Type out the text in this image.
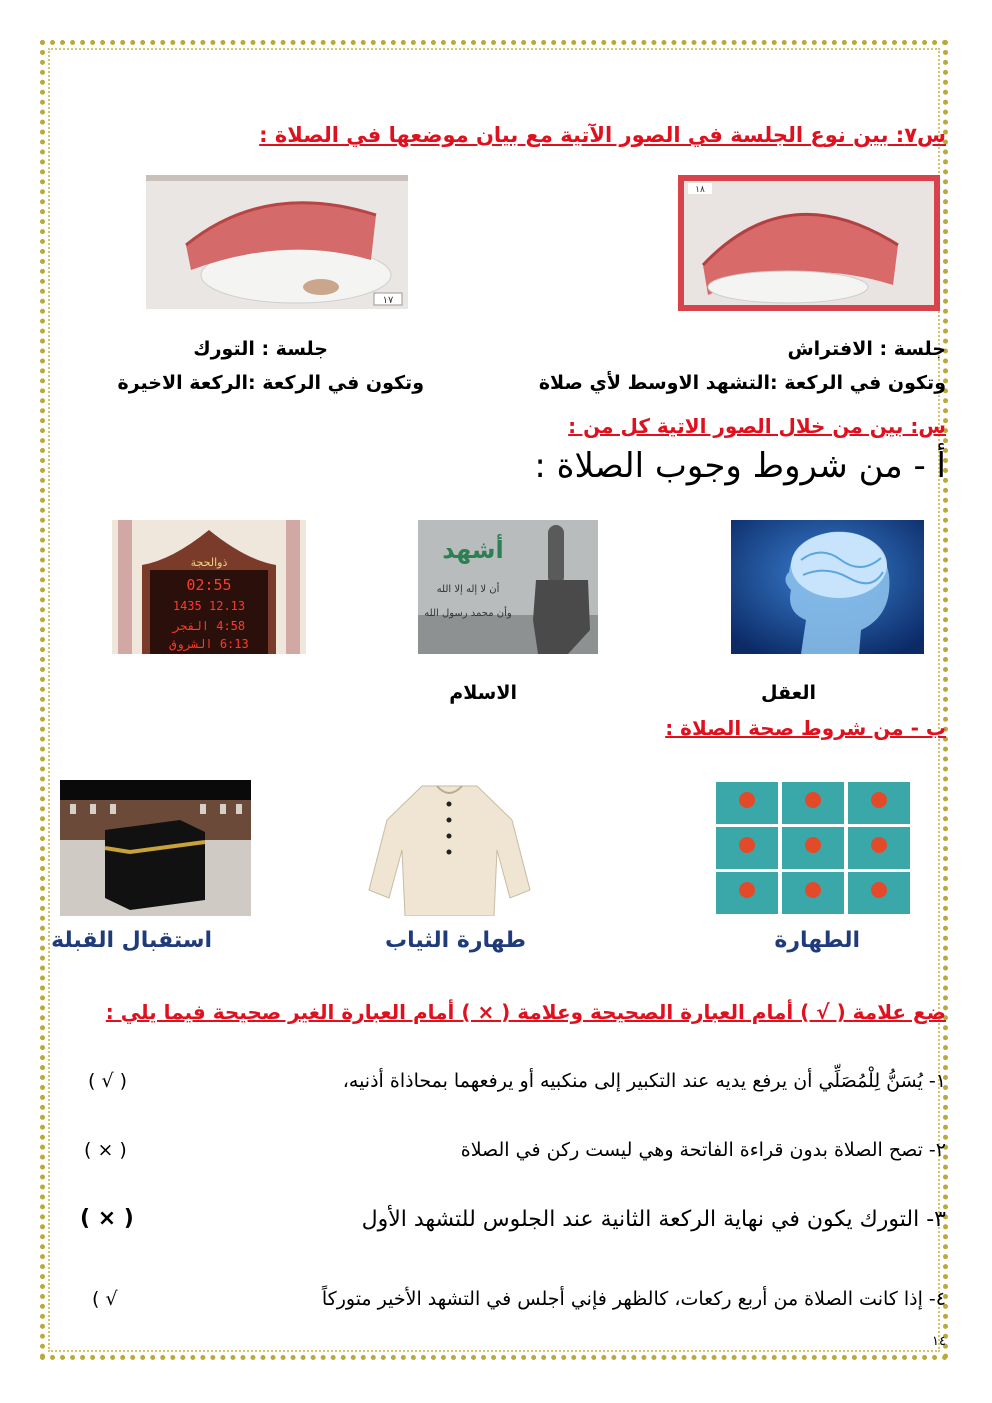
س٧: بين نوع الجلسة في الصور الآتية مع بيان موضعها في الصلاة :
١٧
١٨
جلسة : الافتراش
جلسة : التورك
وتكون في الركعة :التشهد الاوسط لأي صلاة
وتكون في الركعة :الركعة الاخيرة
س: بين من خلال الصور الاتية كل من :
أ - من شروط وجوب الصلاة :
أشهد
أن لا إله إلا الله
وأن محمد رسول الله
ذوالحجة
02:55
12.13 1435
4:58 الفجر
6:13 الشروق
العقل
الاسلام
ب - من شروط صحة الصلاة :
الطهارة
طهارة الثياب
استقبال القبلة
ضع علامة ( √ ) أمام العبارة الصحيحة وعلامة ( × ) أمام العبارة الغير صحيحة فيما يلي :
١- يُسَنُّ لِلْمُصَلِّي أن يرفع يديه عند التكبير إلى منكبيه أو يرفعهما بمحاذاة أذنيه،
( √ )
٢- تصح الصلاة بدون قراءة الفاتحة وهي ليست ركن في الصلاة
( × )
٣- التورك يكون في نهاية الركعة الثانية عند الجلوس للتشهد الأول
( × )
٤- إذا كانت الصلاة من أربع ركعات، كالظهر فإني أجلس في التشهد الأخير متوركاً
( √
١٤
